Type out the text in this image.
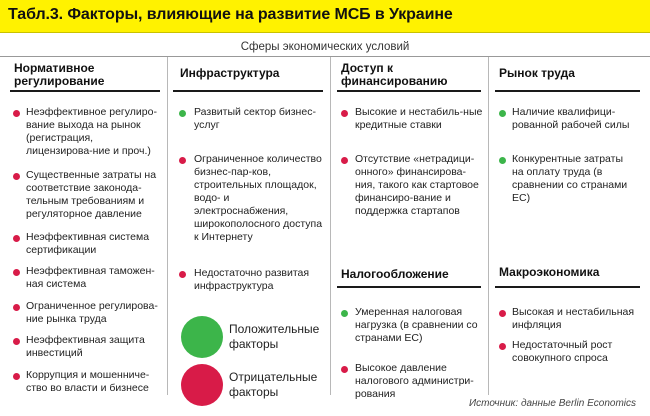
Табл.3. Факторы, влияющие на развитие МСБ в Украине
Сферы экономических условий
Нормативное регулирование
Инфраструктура	Доступ к финансированию
Рынок труда
Налогообложение	Макроэкономика
Неэффективное регулиро-вание выхода на рынок (регистрация, лицензирова-ние и проч.)
Существенные затраты на соответствие законода-тельным требованиям и регуляторное давление
Неэффективная система сертификации
Неэффективная таможен-ная система
Ограниченное регулирова-ние рынка труда
Неэффективная защита инвестиций
Коррупция и мошенниче-ство во власти и бизнесе
Развитый сектор бизнес-услуг
Ограниченное количество бизнес-пар-ков, строительных площадок, водо- и электроснабжения, широкополосного доступа к Интернету
Недостаточно развитая инфраструктура
Высокие и нестабиль-ные кредитные ставки
Отсутствие «нетрадици-онного» финансирова-ния, такого как стартовое финансиро-вание и поддержка стартапов
Умеренная налоговая нагрузка (в сравнении со странами ЕС)
Высокое давление налогового администри-рования
Наличие квалифици-рованной рабочей силы
Конкурентные затраты на оплату труда (в сравнении со странами ЕС)
Высокая и нестабильная инфляция
Недостаточный рост совокупного спроса
Положительные факторы
Отрицательные факторы
Источник: данные Berlin Economics
